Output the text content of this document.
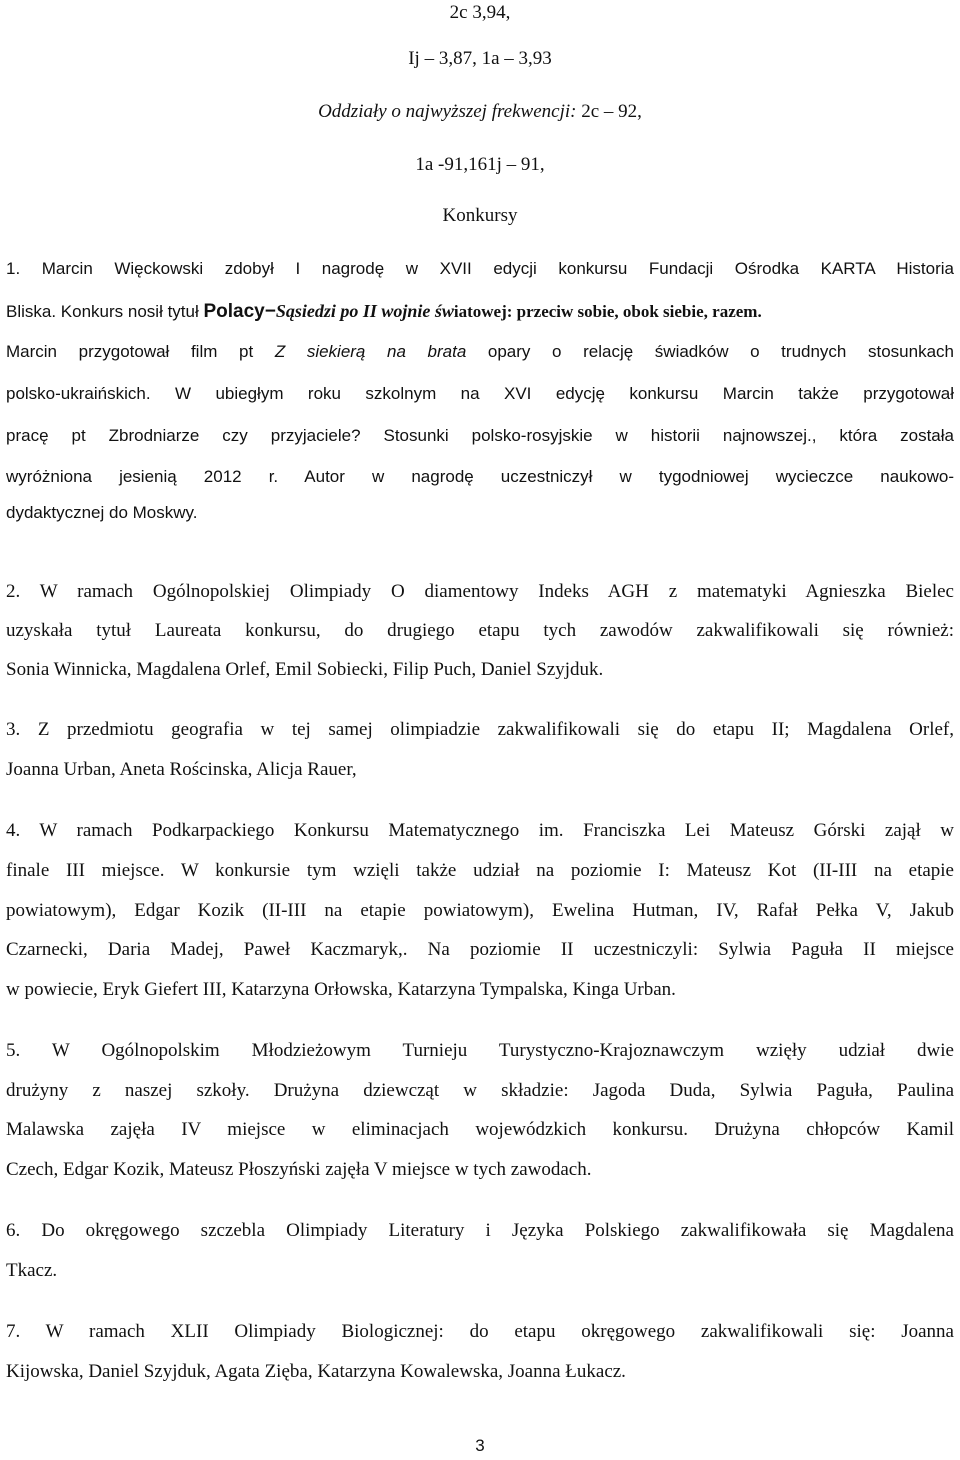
2c 3,94,
Ij – 3,87, 1a – 3,93
Oddziały o najwyższej frekwencji: 2c – 92,
1a -91,161j – 91,
Konkursy
1. Marcin Więckowski zdobył I nagrodę w XVII edycji konkursu Fundacji Ośrodka KARTA Historia
Bliska. Konkurs nosił tytuł Polacy−Sąsiedzi po II wojnie światowej: przeciw sobie, obok siebie, razem.
Marcin przygotował film pt Z siekierą na brata opary o relację świadków o trudnych stosunkach
polsko-ukraińskich. W ubiegłym roku szkolnym na XVI edycję konkursu Marcin także przygotował
pracę pt Zbrodniarze czy przyjaciele? Stosunki polsko-rosyjskie w historii najnowszej., która została
wyróżniona jesienią 2012 r. Autor w nagrodę uczestniczył w tygodniowej wycieczce naukowo-
dydaktycznej do Moskwy.
2. W ramach Ogólnopolskiej Olimpiady O diamentowy Indeks AGH z matematyki Agnieszka Bielec
uzyskała tytuł Laureata konkursu, do drugiego etapu tych zawodów zakwalifikowali się również:
Sonia Winnicka, Magdalena Orlef, Emil Sobiecki, Filip Puch, Daniel Szyjduk.
3. Z przedmiotu geografia w tej samej olimpiadzie zakwalifikowali się do etapu II; Magdalena Orlef,
Joanna Urban, Aneta Rościnska, Alicja Rauer,
4. W ramach Podkarpackiego Konkursu Matematycznego im. Franciszka Lei Mateusz Górski zajął w
finale III miejsce. W konkursie tym wzięli także udział na poziomie I: Mateusz Kot (II-III na etapie
powiatowym), Edgar Kozik (II-III na etapie powiatowym), Ewelina Hutman, IV, Rafał Pełka V, Jakub
Czarnecki, Daria Madej, Paweł Kaczmaryk,. Na poziomie II uczestniczyli: Sylwia Paguła II miejsce
w powiecie, Eryk Giefert III, Katarzyna Orłowska, Katarzyna Tympalska, Kinga Urban.
5. W Ogólnopolskim Młodzieżowym Turnieju Turystyczno-Krajoznawczym wzięły udział dwie
drużyny z naszej szkoły. Drużyna dziewcząt w składzie: Jagoda Duda, Sylwia Paguła, Paulina
Malawska zajęła IV miejsce w eliminacjach wojewódzkich konkursu. Drużyna chłopców Kamil
Czech, Edgar Kozik, Mateusz Płoszyński zajęła V miejsce w tych zawodach.
6. Do okręgowego szczebla Olimpiady Literatury i Języka Polskiego zakwalifikowała się Magdalena
Tkacz.
7. W ramach XLII Olimpiady Biologicznej: do etapu okręgowego zakwalifikowali się: Joanna
Kijowska, Daniel Szyjduk, Agata Zięba, Katarzyna Kowalewska, Joanna Łukacz.
3
